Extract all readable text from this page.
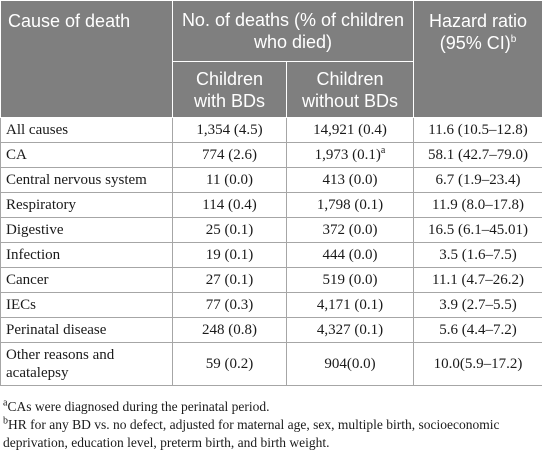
Cause of death	No. of deaths (% of children who died)		Hazard ratio (95% CI)$^b$
	Children with BDs	Children without BDs	
All causes	1,354 (4.5)	14,921 (0.4)	11.6 (10.5–12.8)
CA	774 (2.6)	1,973 $(0.1)^a$	58.1 (42.7–79.0)
Central nervous system	11 (0.0)	413 (0.0)	6.7 (1.9–23.4)
Respiratory	114 (0.4)	1,798 (0.1)	11.9 (8.0–17.8)
Digestive	25 (0.1)	372 (0.0)	16.5 (6.1–45.01)
Infection	19 (0.1)	444 (0.0)	3.5 (1.6–7.5)
Cancer	27 (0.1)	519 (0.0)	11.1 (4.7–26.2)
IECs	77 (0.3)	4,171 (0.1)	3.9 (2.7–5.5)
Perinatal disease	248 (0.8)	4,327 (0.1)	5.6 (4.4–7.2)
Other reasons and acatalepsy	59 (0.2)	904(0.0)	10.0(5.9–17.2)

$^a$CAs were diagnosed during the perinatal period.

$^b$HR for any BD vs. no defect, adjusted for maternal age, sex, multiple birth, socioeconomic deprivation, education level, preterm birth, and birth weight.
